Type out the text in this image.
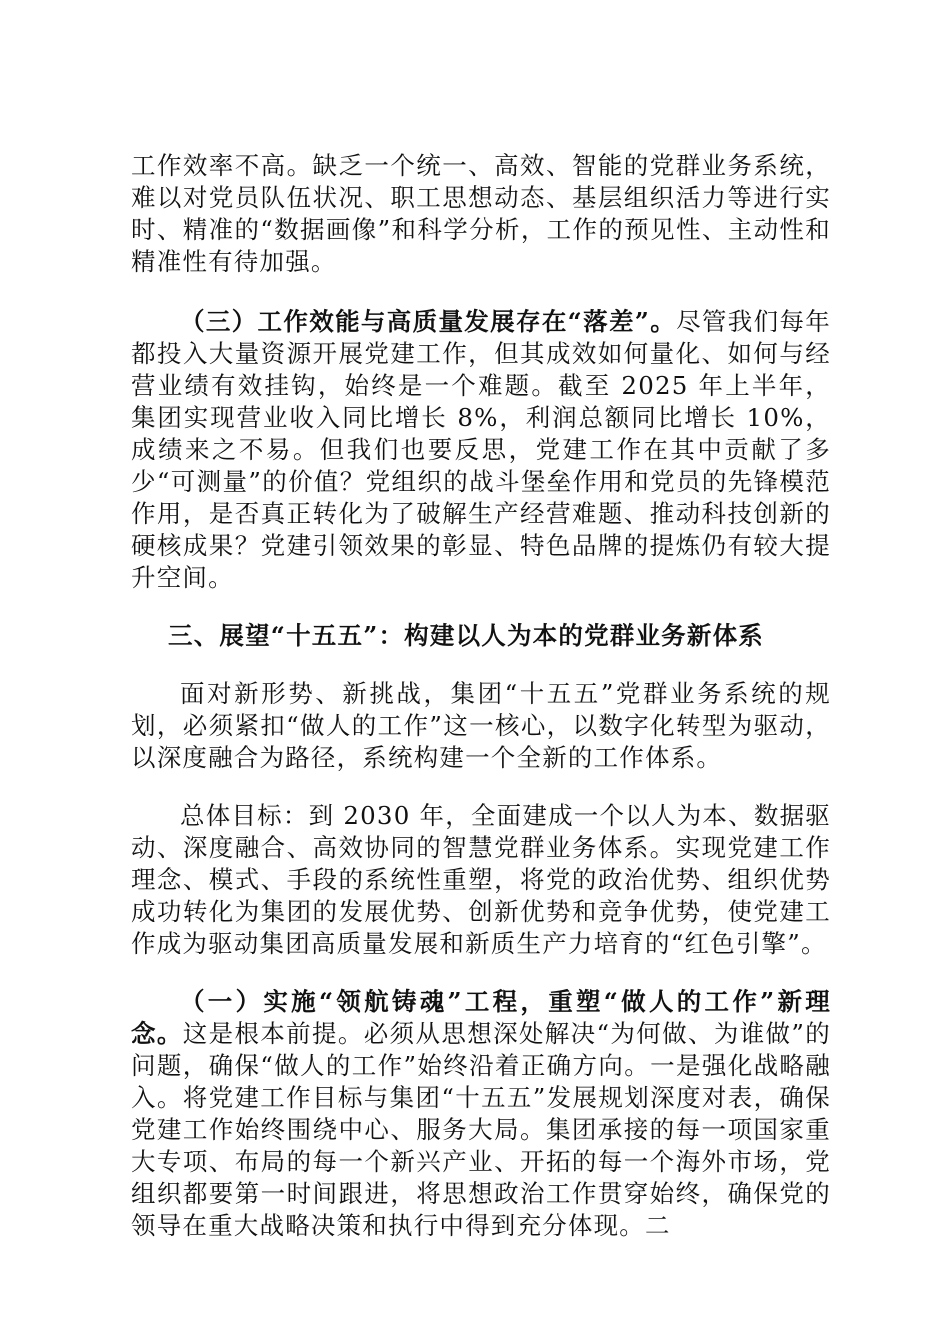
工作效率不高。缺乏一个统一、高效、智能的党群业务系统，难以对党员队伍状况、职工思想动态、基层组织活力等进行实时、精准的“数据画像”和科学分析，工作的预见性、主动性和精准性有待加强。

（三）工作效能与高质量发展存在“落差”。尽管我们每年都投入大量资源开展党建工作，但其成效如何量化、如何与经营业绩有效挂钩，始终是一个难题。截至 2025 年上半年，集团实现营业收入同比增长 8%，利润总额同比增长 10%，成绩来之不易。但我们也要反思，党建工作在其中贡献了多少“可测量”的价值？党组织的战斗堡垒作用和党员的先锋模范作用，是否真正转化为了破解生产经营难题、推动科技创新的硬核成果？党建引领效果的彰显、特色品牌的提炼仍有较大提升空间。

三、展望“十五五”：构建以人为本的党群业务新体系

面对新形势、新挑战，集团“十五五”党群业务系统的规划，必须紧扣“做人的工作”这一核心，以数字化转型为驱动，以深度融合为路径，系统构建一个全新的工作体系。

总体目标：到 2030 年，全面建成一个以人为本、数据驱动、深度融合、高效协同的智慧党群业务体系。实现党建工作理念、模式、手段的系统性重塑，将党的政治优势、组织优势成功转化为集团的发展优势、创新优势和竞争优势，使党建工作成为驱动集团高质量发展和新质生产力培育的“红色引擎”。

（一）实施“领航铸魂”工程，重塑“做人的工作”新理念。这是根本前提。必须从思想深处解决“为何做、为谁做”的问题，确保“做人的工作”始终沿着正确方向。一是强化战略融入。将党建工作目标与集团“十五五”发展规划深度对表，确保党建工作始终围绕中心、服务大局。集团承接的每一项国家重大专项、布局的每一个新兴产业、开拓的每一个海外市场，党组织都要第一时间跟进，将思想政治工作贯穿始终，确保党的领导在重大战略决策和执行中得到充分体现。二
